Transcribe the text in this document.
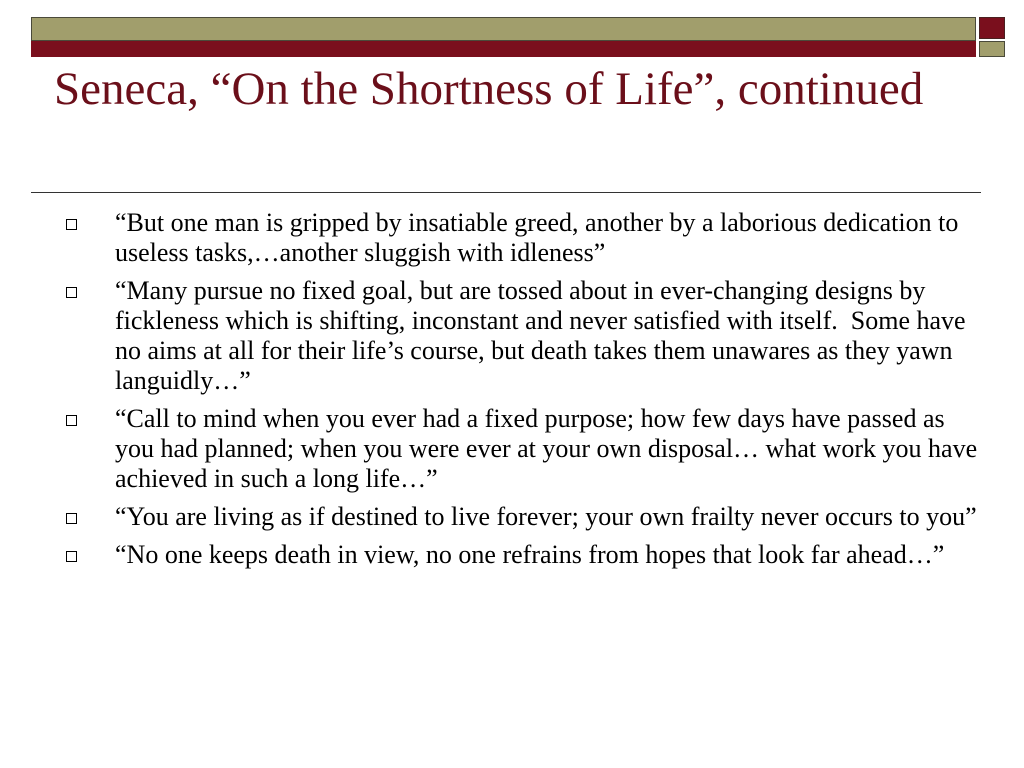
Seneca, “On the Shortness of Life”, continued
“But one man is gripped by insatiable greed, another by a laborious dedication to useless tasks,…another sluggish with idleness”
“Many pursue no fixed goal, but are tossed about in ever-changing designs by fickleness which is shifting, inconstant and never satisfied with itself.  Some have no aims at all for their life’s course, but death takes them unawares as they yawn languidly…”
“Call to mind when you ever had a fixed purpose; how few days have passed as you had planned; when you were ever at your own disposal… what work you have achieved in such a long life…”
“You are living as if destined to live forever; your own frailty never occurs to you”
“No one keeps death in view, no one refrains from hopes that look far ahead…”
